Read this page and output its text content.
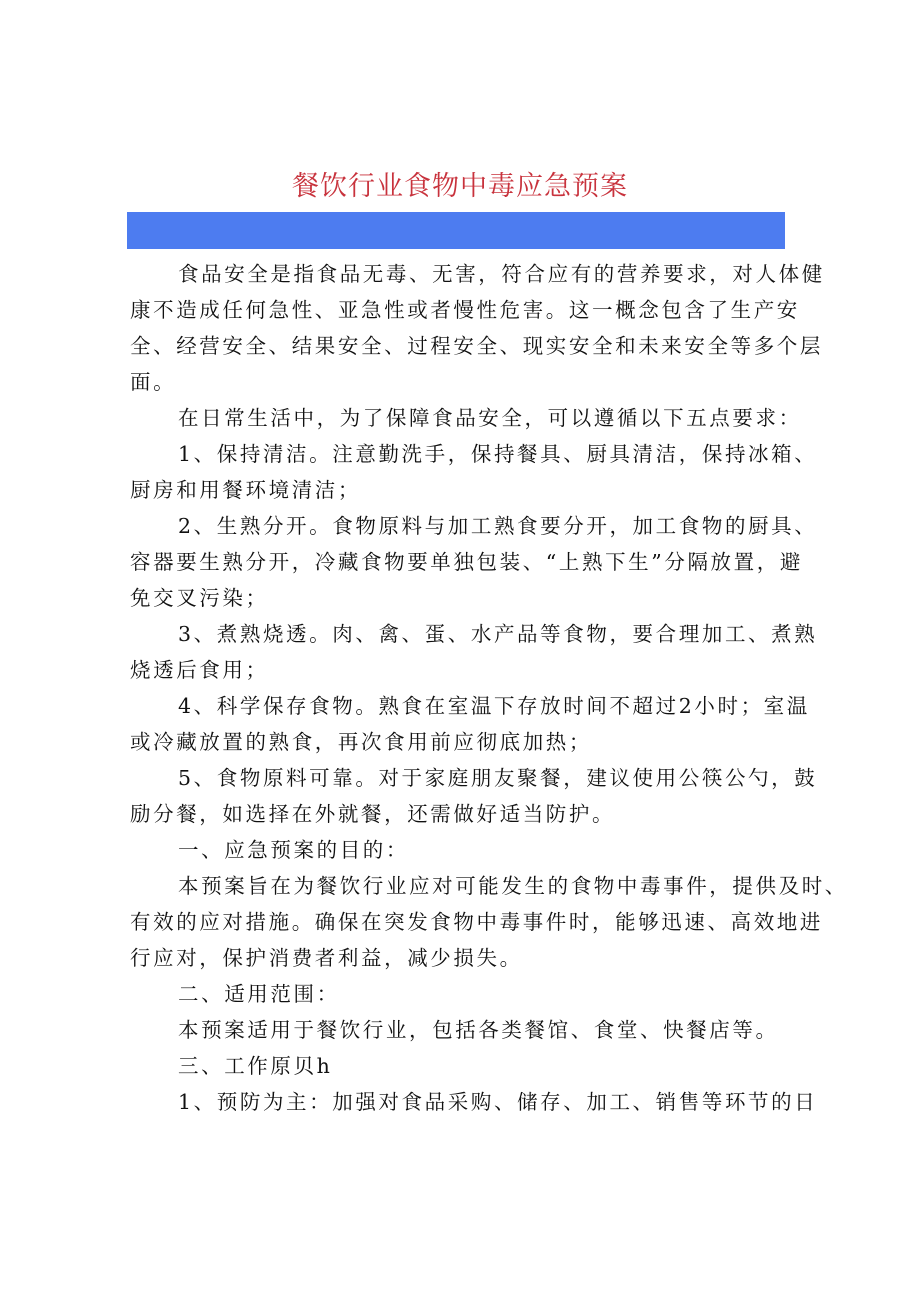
餐饮行业食物中毒应急预案
食品安全是指食品无毒、无害，符合应有的营养要求，对人体健
康不造成任何急性、亚急性或者慢性危害。这一概念包含了生产安
全、经营安全、结果安全、过程安全、现实安全和未来安全等多个层
面。
在日常生活中，为了保障食品安全，可以遵循以下五点要求：
1、保持清洁。注意勤洗手，保持餐具、厨具清洁，保持冰箱、
厨房和用餐环境清洁；
2、生熟分开。食物原料与加工熟食要分开，加工食物的厨具、
容器要生熟分开，冷藏食物要单独包装、“上熟下生”分隔放置，避
免交叉污染；
3、煮熟烧透。肉、禽、蛋、水产品等食物，要合理加工、煮熟
烧透后食用；
4、科学保存食物。熟食在室温下存放时间不超过2小时；室温
或冷藏放置的熟食，再次食用前应彻底加热；
5、食物原料可靠。对于家庭朋友聚餐，建议使用公筷公勺，鼓
励分餐，如选择在外就餐，还需做好适当防护。
一、应急预案的目的：
本预案旨在为餐饮行业应对可能发生的食物中毒事件，提供及时、
有效的应对措施。确保在突发食物中毒事件时，能够迅速、高效地进
行应对，保护消费者利益，减少损失。
二、适用范围：
本预案适用于餐饮行业，包括各类餐馆、食堂、快餐店等。
三、工作原贝h
1、预防为主：加强对食品采购、储存、加工、销售等环节的日
